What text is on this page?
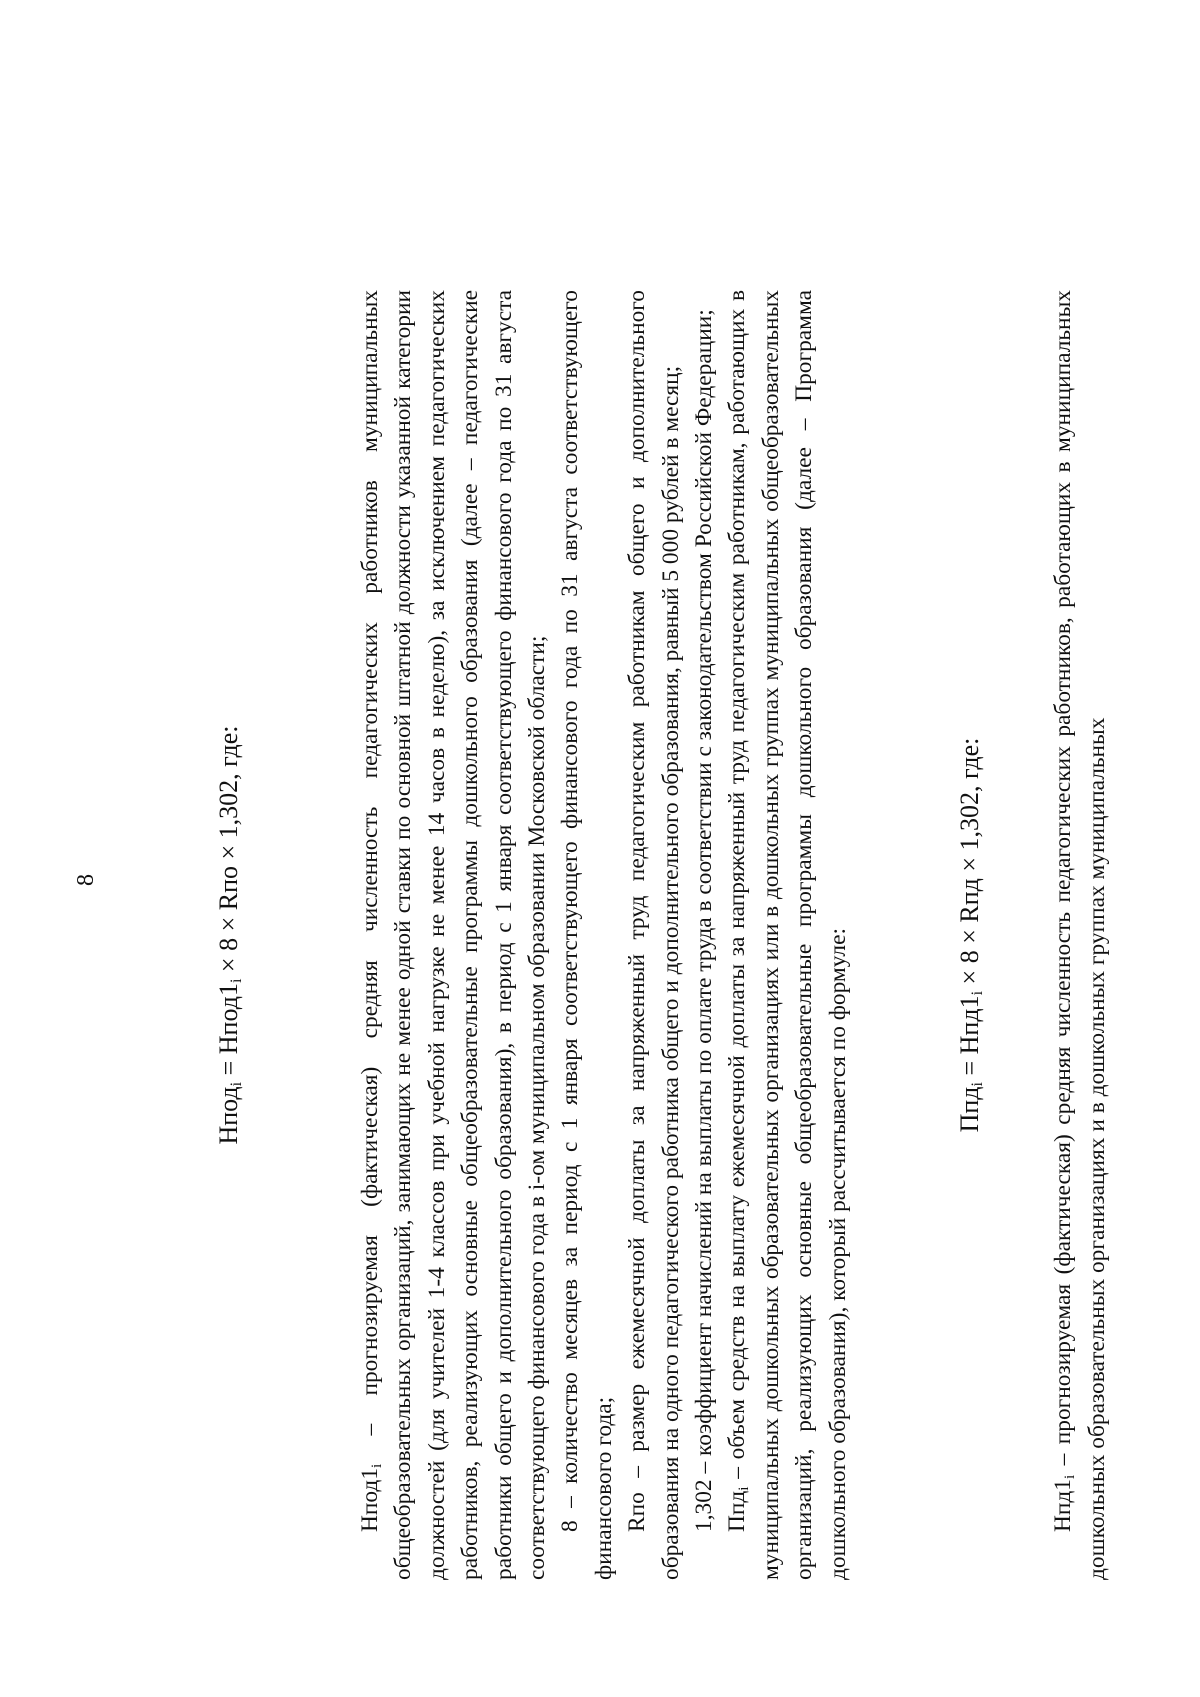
8

Нпод$_i$ = $Нпод1_i \times 8$ × Rпо × 1,302, где:

$Нпод1_i$ – прогнозируемая (фактическая) средняя численность педагогических работников муниципальных общеобразовательных организаций, занимающих не менее одной ставки по основной штатной должности указанной категории должностей (для учителей 1-4 классов при учебной нагрузке не менее 14 часов в неделю), за исключением педагогических работников, реализующих основные общеобразовательные программы дошкольного образования (далее – педагогические работники общего и дополнительного образования), в период с 1 января соответствующего финансового года по 31 августа соответствующего финансового года в i-ом муниципальном образовании Московской области; 8 – количество месяцев за период с 1 января соответствующего финансового года по 31 августа соответствующего финансового года; Rпо – размер ежемесячной доплаты за напряженный труд педагогическим работникам общего и дополнительного образования на одного педагогического работника общего и дополнительного образования, равный 5 000 рублей в месяц; 1,302 – коэффициент начислений на выплаты по оплате труда в соответствии с законодательством Российской Федерации; Ппд$_i$ – объем средств на выплату ежемесячной доплаты за напряженный труд педагогическим работникам, работающих в муниципальных дошкольных образовательных организациях или в дошкольных группах муниципальных общеобразовательных организаций, реализующих основные общеобразовательные программы дошкольного образования (далее – Программа дошкольного образования), который рассчитывается по формуле:	$Ппд_i = Нпд1_i \times 8$ × Rпд × 1,302, где:

$Нпд1_i$ – прогнозируемая (фактическая) средняя численность педагогических работников, работающих в муниципальных дошкольных образовательных организациях и в дошкольных группах муниципальных
